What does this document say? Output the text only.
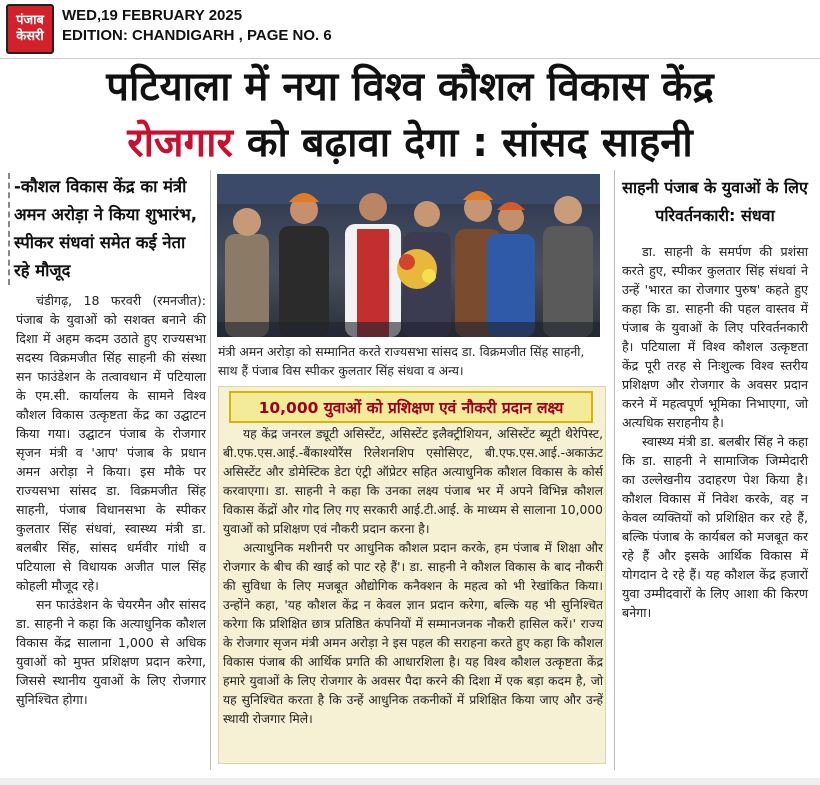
पंजाब
केसरी
WED,19 FEBRUARY 2025
EDITION: CHANDIGARH , PAGE NO. 6
पटियाला में नया विश्व कौशल विकास केंद्र
रोजगार को बढ़ावा देगा : सांसद साहनी
-कौशल विकास केंद्र का मंत्री अमन अरोड़ा ने किया शुभारंभ, स्पीकर संधवां समेत कई नेता रहे मौजूद

चंडीगढ़, 18 फरवरी (रमनजीत): पंजाब के युवाओं को सशक्त बनाने की दिशा में अहम कदम उठाते हुए राज्यसभा सदस्य विक्रमजीत सिंह साहनी की संस्था सन फाउंडेशन के तत्वावधान में पटियाला के एम.सी. कार्यालय के सामने विश्व कौशल विकास उत्कृष्टता केंद्र का उद्घाटन किया गया। उद्घाटन पंजाब के रोजगार सृजन मंत्री व 'आप' पंजाब के प्रधान अमन अरोड़ा ने किया। इस मौके पर राज्यसभा सांसद डा. विक्रमजीत सिंह साहनी, पंजाब विधानसभा के स्पीकर कुलतार सिंह संधवां, स्वास्थ्य मंत्री डा. बलबीर सिंह, सांसद धर्मवीर गांधी व पटियाला से विधायक अजीत पाल सिंह कोहली मौजूद रहे।

सन फाउंडेशन के चेयरमैन और सांसद डा. साहनी ने कहा कि अत्याधुनिक कौशल विकास केंद्र सालाना 1,000 से अधिक युवाओं को मुफ्त प्रशिक्षण प्रदान करेगा, जिससे स्थानीय युवाओं के लिए रोजगार सुनिश्चित होगा।

मंत्री अमन अरोड़ा को सम्मानित करते राज्यसभा सांसद डा. विक्रमजीत सिंह साहनी, साथ हैं पंजाब विस स्पीकर कुलतार सिंह संधवा व अन्य।
10,000 युवाओं को प्रशिक्षण एवं नौकरी प्रदान लक्ष्य

यह केंद्र जनरल ड्यूटी असिस्टेंट, असिस्टेंट इलैक्ट्रीशियन, असिस्टेंट ब्यूटी थैरेपिस्ट, बी.एफ.एस.आई.-बैंकाश्योरैंस रिलेशनशिप एसोसिएट, बी.एफ.एस.आई.-अकाऊंट असिस्टेंट और डोमेस्टिक डेटा एंट्री ऑप्रेटर सहित अत्याधुनिक कौशल विकास के कोर्स करवाएगा। डा. साहनी ने कहा कि उनका लक्ष्य पंजाब भर में अपने विभिन्न कौशल विकास केंद्रों और गोद लिए गए सरकारी आई.टी.आई. के माध्यम से सालाना 10,000 युवाओं को प्रशिक्षण एवं नौकरी प्रदान करना है।

अत्याधुनिक मशीनरी पर आधुनिक कौशल प्रदान करके, हम पंजाब में शिक्षा और रोजगार के बीच की खाई को पाट रहे हैं'। डा. साहनी ने कौशल विकास के बाद नौकरी की सुविधा के लिए मजबूत औद्योगिक कनैक्शन के महत्व को भी रेखांकित किया। उन्होंने कहा, 'यह कौशल केंद्र न केवल ज्ञान प्रदान करेगा, बल्कि यह भी सुनिश्चित करेगा कि प्रशिक्षित छात्र प्रतिष्ठित कंपनियों में सम्मानजनक नौकरी हासिल करें।' राज्य के रोजगार सृजन मंत्री अमन अरोड़ा ने इस पहल की सराहना करते हुए कहा कि कौशल विकास पंजाब की आर्थिक प्रगति की आधारशिला है। यह विश्व कौशल उत्कृष्टता केंद्र हमारे युवाओं के लिए रोजगार के अवसर पैदा करने की दिशा में एक बड़ा कदम है, जो यह सुनिश्चित करता है कि उन्हें आधुनिक तकनीकों में प्रशिक्षित किया जाए और उन्हें स्थायी रोजगार मिले।

साहनी पंजाब के युवाओं के लिए परिवर्तनकारी: संधवा

डा. साहनी के समर्पण की प्रशंसा करते हुए, स्पीकर कुलतार सिंह संधवां ने उन्हें 'भारत का रोजगार पुरुष' कहते हुए कहा कि डा. साहनी की पहल वास्तव में पंजाब के युवाओं के लिए परिवर्तनकारी है। पटियाला में विश्व कौशल उत्कृष्टता केंद्र पूरी तरह से निःशुल्क विश्व स्तरीय प्रशिक्षण और रोजगार के अवसर प्रदान करने में महत्वपूर्ण भूमिका निभाएगा, जो अत्यधिक सराहनीय है।

स्वास्थ्य मंत्री डा. बलबीर सिंह ने कहा कि डा. साहनी ने सामाजिक जिम्मेदारी का उल्लेखनीय उदाहरण पेश किया है। कौशल विकास में निवेश करके, वह न केवल व्यक्तियों को प्रशिक्षित कर रहे हैं, बल्कि पंजाब के कार्यबल को मजबूत कर रहे हैं और इसके आर्थिक विकास में योगदान दे रहे हैं। यह कौशल केंद्र हजारों युवा उम्मीदवारों के लिए आशा की किरण बनेगा।
